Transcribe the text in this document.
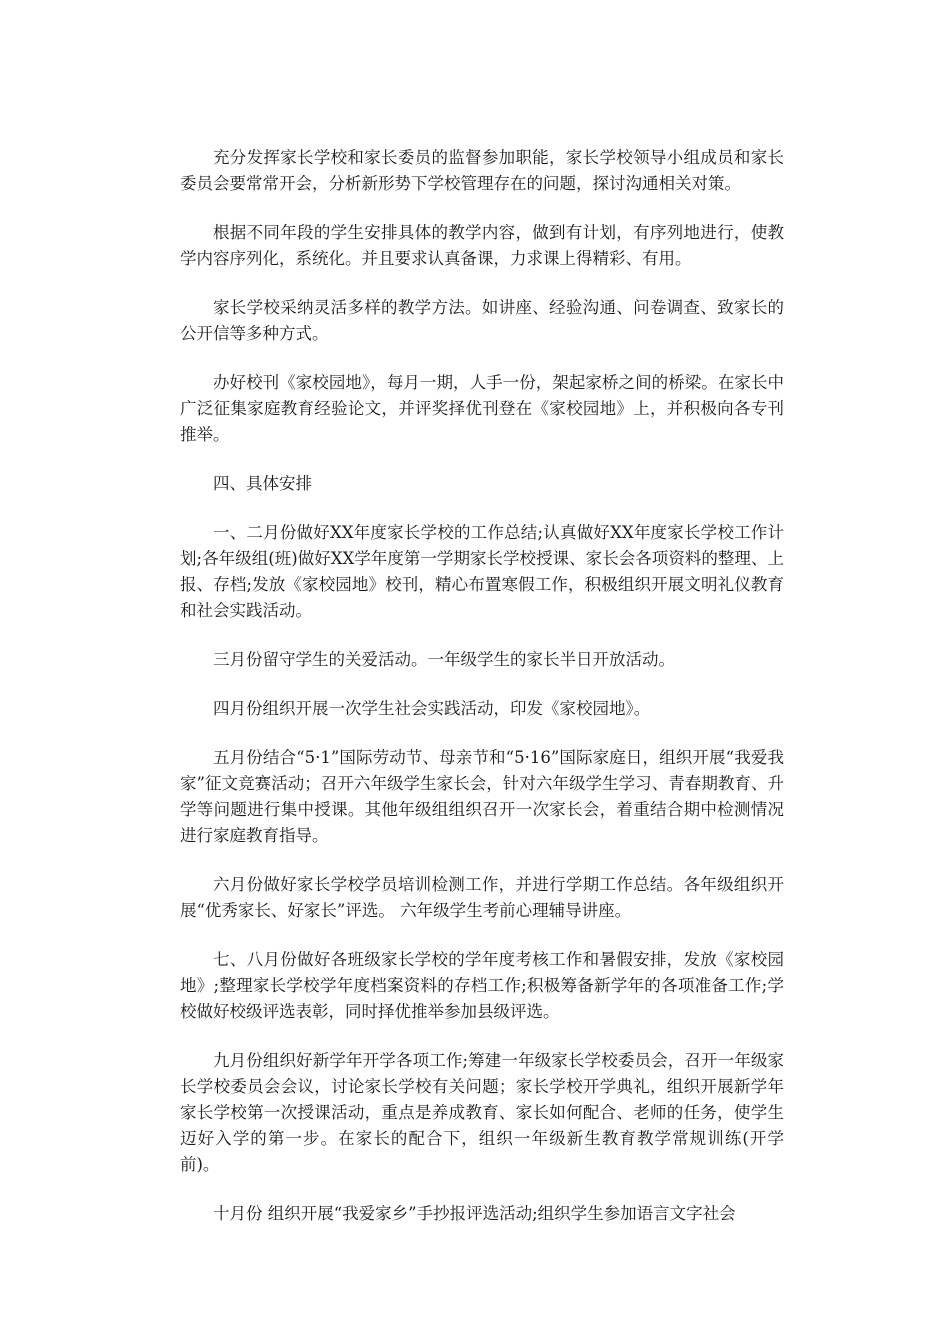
充分发挥家长学校和家长委员的监督参加职能，家长学校领导小组成员和家长委员会要常常开会，分析新形势下学校管理存在的问题，探讨沟通相关对策。

根据不同年段的学生安排具体的教学内容，做到有计划，有序列地进行，使教学内容序列化，系统化。并且要求认真备课，力求课上得精彩、有用。

家长学校采纳灵活多样的教学方法。如讲座、经验沟通、问卷调查、致家长的公开信等多种方式。

办好校刊《家校园地》，每月一期，人手一份，架起家桥之间的桥梁。在家长中广泛征集家庭教育经验论文，并评奖择优刊登在《家校园地》上，并积极向各专刊推举。

四、具体安排

一、二月份做好XX年度家长学校的工作总结;认真做好XX年度家长学校工作计划;各年级组(班)做好XX学年度第一学期家长学校授课、家长会各项资料的整理、上报、存档;发放《家校园地》校刊，精心布置寒假工作，积极组织开展文明礼仪教育和社会实践活动。

三月份留守学生的关爱活动。一年级学生的家长半日开放活动。

四月份组织开展一次学生社会实践活动，印发《家校园地》。

五月份结合“5·1”国际劳动节、母亲节和“5·16”国际家庭日，组织开展“我爱我家”征文竞赛活动；召开六年级学生家长会，针对六年级学生学习、青春期教育、升学等问题进行集中授课。其他年级组组织召开一次家长会，着重结合期中检测情况进行家庭教育指导。

六月份做好家长学校学员培训检测工作，并进行学期工作总结。各年级组织开展“优秀家长、好家长”评选。 六年级学生考前心理辅导讲座。

七、八月份做好各班级家长学校的学年度考核工作和暑假安排，发放《家校园地》;整理家长学校学年度档案资料的存档工作;积极筹备新学年的各项准备工作;学校做好校级评选表彰，同时择优推举参加县级评选。

九月份组织好新学年开学各项工作;筹建一年级家长学校委员会，召开一年级家长学校委员会会议，讨论家长学校有关问题；家长学校开学典礼，组织开展新学年家长学校第一次授课活动，重点是养成教育、家长如何配合、老师的任务，使学生迈好入学的第一步。在家长的配合下，组织一年级新生教育教学常规训练(开学前)。

十月份 组织开展“我爱家乡”手抄报评选活动;组织学生参加语言文字社会
